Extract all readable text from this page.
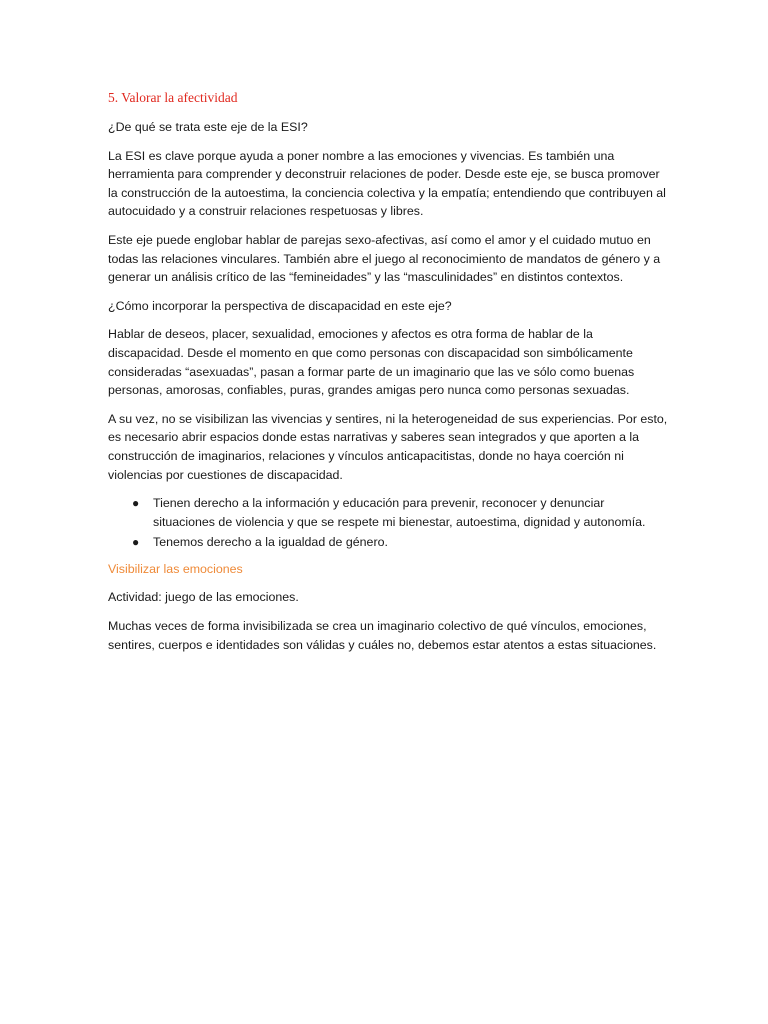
5. Valorar la afectividad

¿De qué se trata este eje de la ESI?

La ESI es clave porque ayuda a poner nombre a las emociones y vivencias. Es también una herramienta para comprender y deconstruir relaciones de poder. Desde este eje, se busca promover la construcción de la autoestima, la conciencia colectiva y la empatía; entendiendo que contribuyen al autocuidado y a construir relaciones respetuosas y libres.

Este eje puede englobar hablar de parejas sexo-afectivas, así como el amor y el cuidado mutuo en todas las relaciones vinculares. También abre el juego al reconocimiento de mandatos de género y a generar un análisis crítico de las “femineidades” y las “masculinidades” en distintos contextos.

¿Cómo incorporar la perspectiva de discapacidad en este eje?

Hablar de deseos, placer, sexualidad, emociones y afectos es otra forma de hablar de la discapacidad. Desde el momento en que como personas con discapacidad son simbólicamente consideradas “asexuadas”, pasan a formar parte de un imaginario que las ve sólo como buenas personas, amorosas, confiables, puras, grandes amigas pero nunca como personas sexuadas.

A su vez, no se visibilizan las vivencias y sentires, ni la heterogeneidad de sus experiencias. Por esto, es necesario abrir espacios donde estas narrativas y saberes sean integrados y que aporten a la construcción de imaginarios, relaciones y vínculos anticapacitistas, donde no haya coerción ni violencias por cuestiones de discapacidad.

● Tienen derecho a la información y educación para prevenir, reconocer y denunciar situaciones de violencia y que se respete mi bienestar, autoestima, dignidad y autonomía.
● Tenemos derecho a la igualdad de género.

Visibilizar las emociones

Actividad: juego de las emociones.

Muchas veces de forma invisibilizada se crea un imaginario colectivo de qué vínculos, emociones, sentires, cuerpos e identidades son válidas y cuáles no, debemos estar atentos a estas situaciones.
